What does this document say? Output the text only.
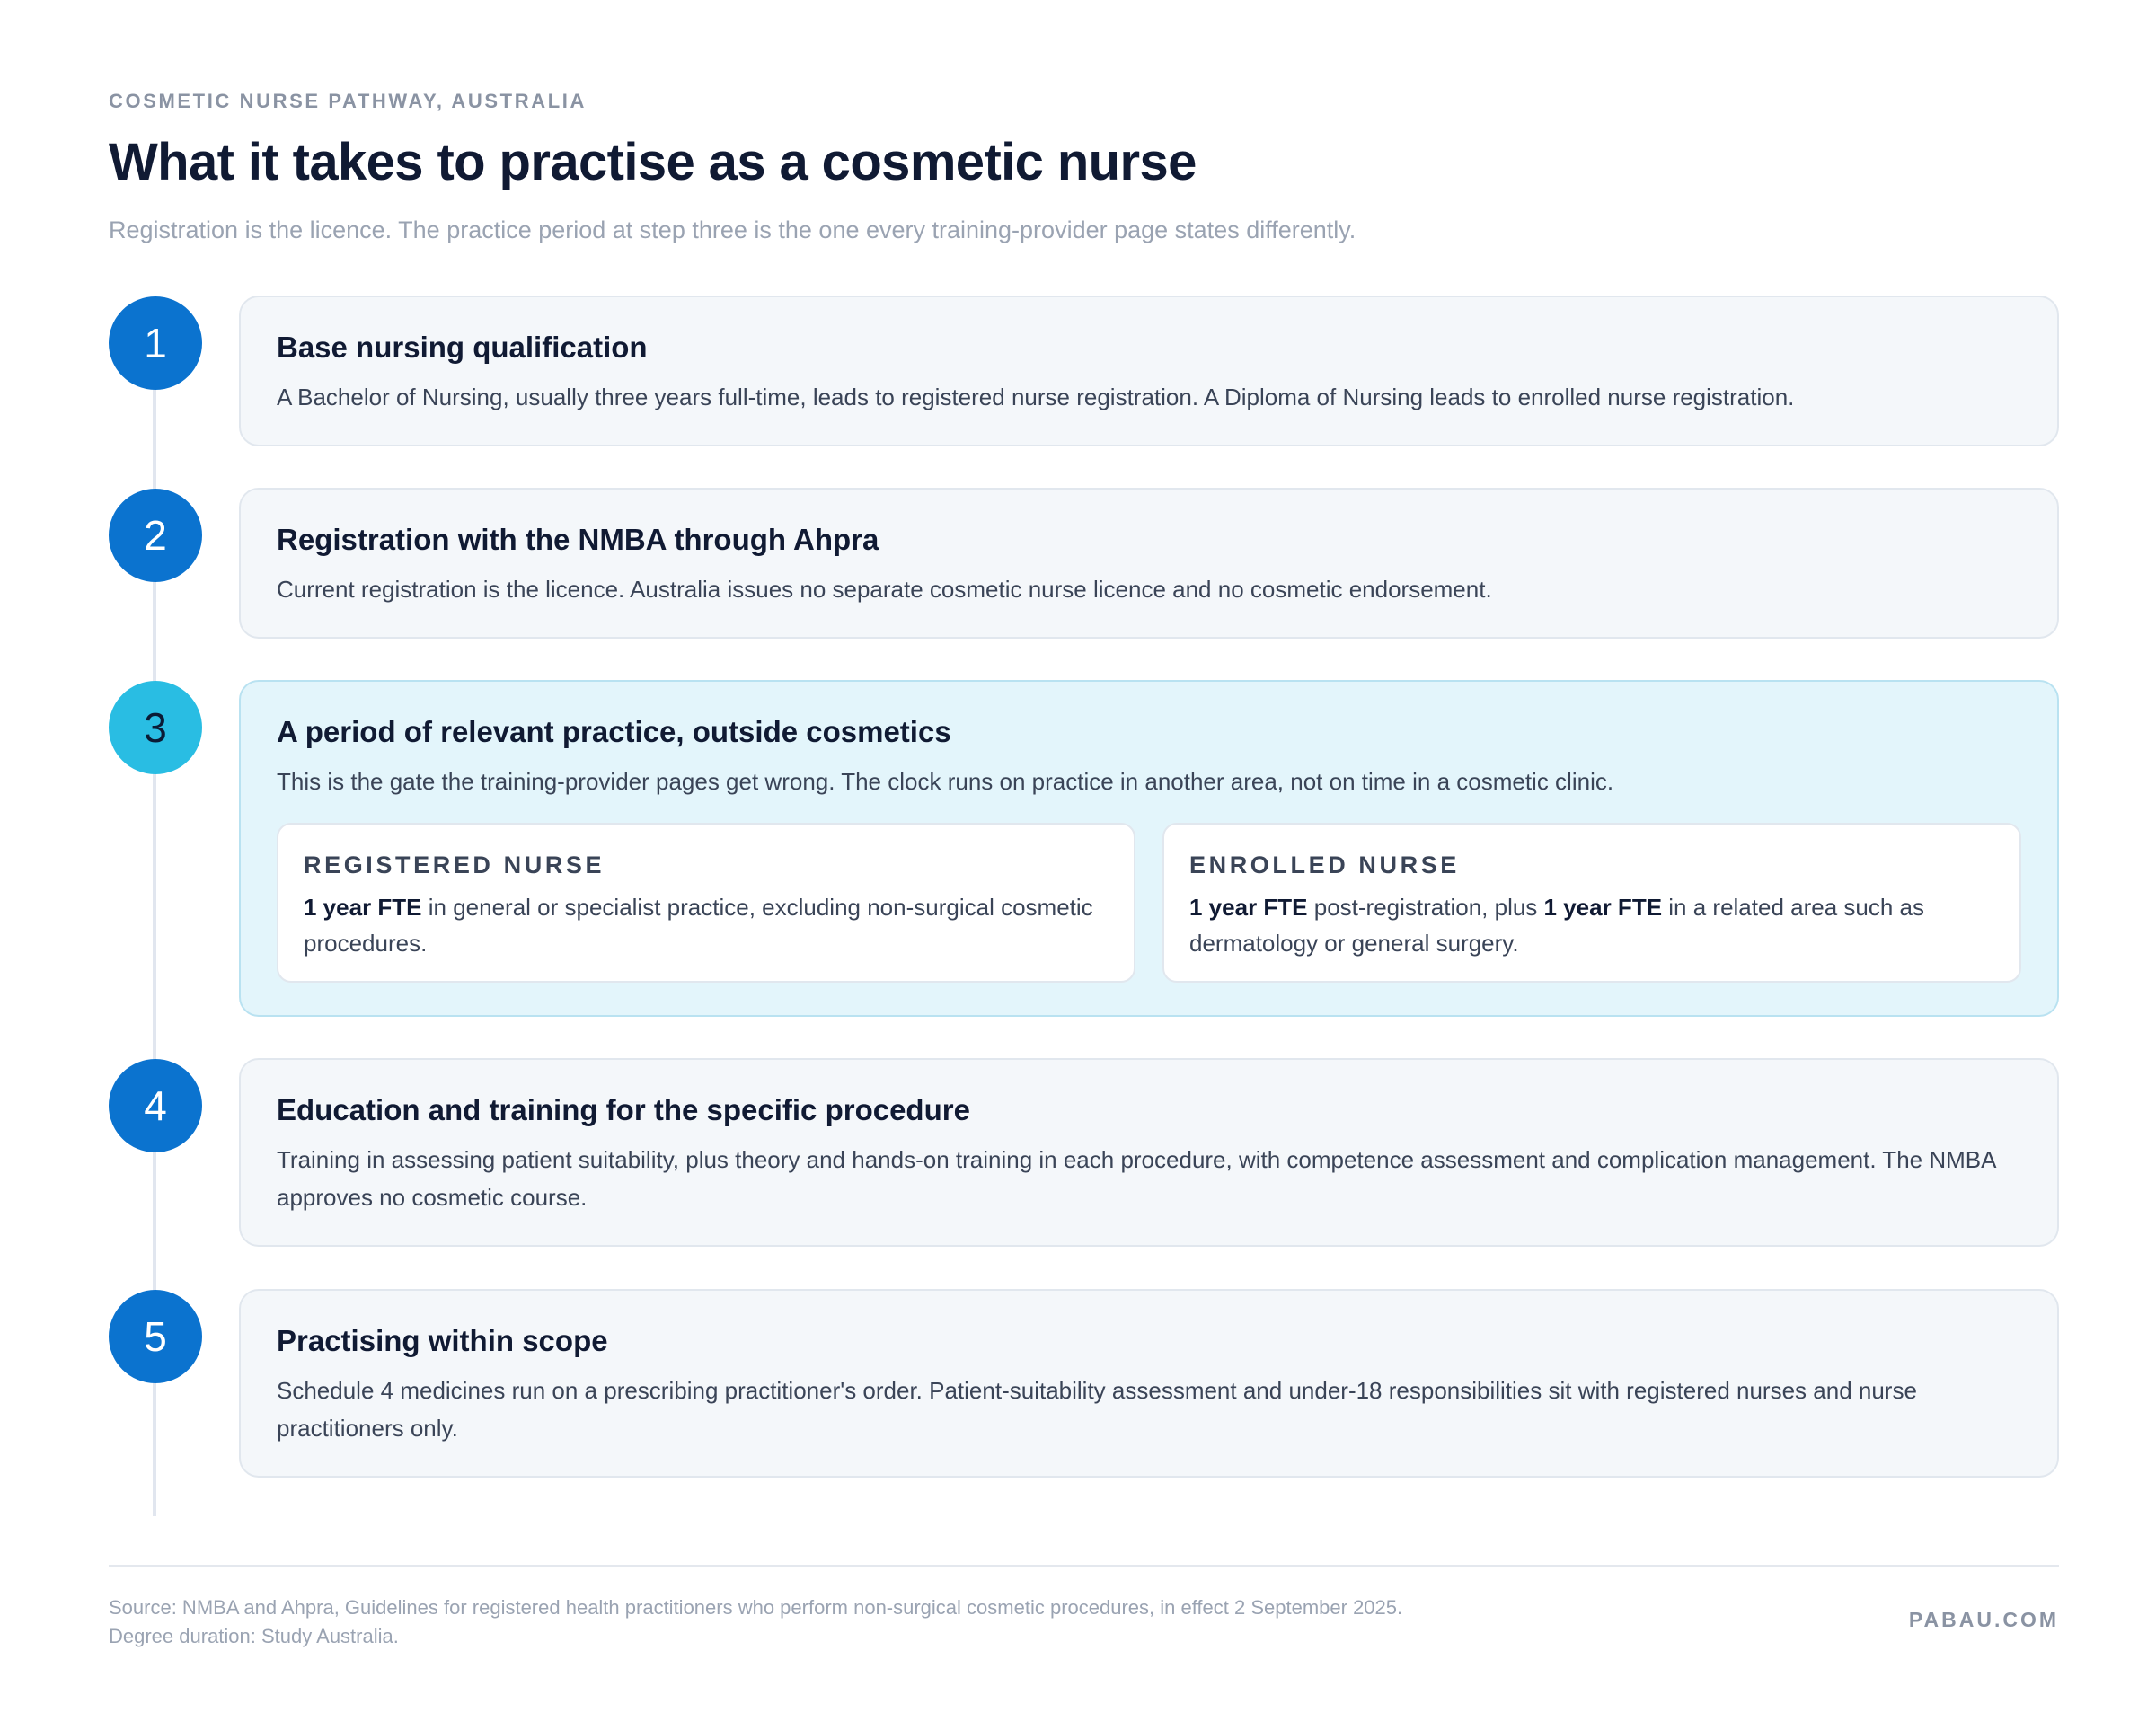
COSMETIC NURSE PATHWAY, AUSTRALIA
What it takes to practise as a cosmetic nurse

Registration is the licence. The practice period at step three is the one every training-provider page states differently.

1	Base nursing qualification
A Bachelor of Nursing, usually three years full-time, leads to registered nurse registration. A Diploma of Nursing leads to enrolled nurse registration.
2	Registration with the NMBA through Ahpra
Current registration is the licence. Australia issues no separate cosmetic nurse licence and no cosmetic endorsement.
3	A period of relevant practice, outside cosmetics
This is the gate the training-provider pages get wrong. The clock runs on practice in another area, not on time in a cosmetic clinic.
REGISTERED NURSE
1 year FTE in general or specialist practice, excluding non-surgical cosmetic procedures.
ENROLLED NURSE
1 year FTE post-registration, plus 1 year FTE in a related area such as dermatology or general surgery.
4	Education and training for the specific procedure
Training in assessing patient suitability, plus theory and hands-on training in each procedure, with competence assessment and complication management. The NMBA approves no cosmetic course.
5	Practising within scope
Schedule 4 medicines run on a prescribing practitioner's order. Patient-suitability assessment and under-18 responsibilities sit with registered nurses and nurse practitioners only.
Source: NMBA and Ahpra, Guidelines for registered health practitioners who perform non-surgical cosmetic procedures, in effect 2 September 2025.
Degree duration: Study Australia.
PABAU.COM
